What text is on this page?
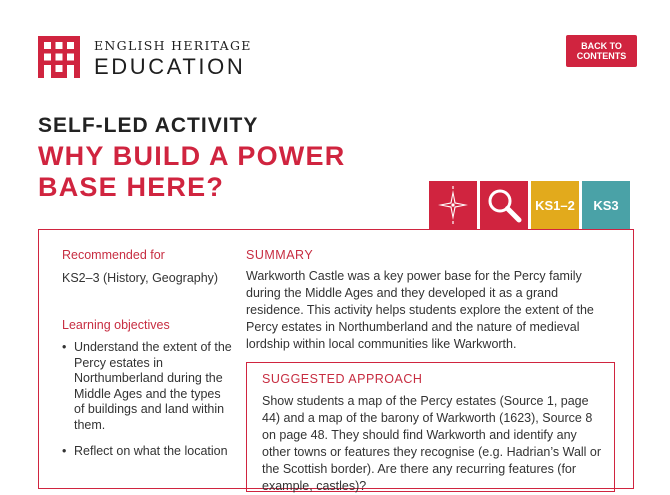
ENGLISH HERITAGE
EDUCATION
BACK TO
CONTENTS
SELF-LED ACTIVITY
WHY BUILD A POWER BASE HERE?
KS1–2	KS3
Recommended for
KS2–3 (History, Geography)
Learning objectives
• Understand the extent of the Percy estates in Northumberland during the Middle Ages and the types of buildings and land within them.
• Reflect on what the location
SUMMARY

Warkworth Castle was a key power base for the Percy family during the Middle Ages and they developed it as a grand residence. This activity helps students explore the extent of the Percy estates in Northumberland and the nature of medieval lordship within local communities like Warkworth.

SUGGESTED APPROACH

Show students a map of the Percy estates (Source 1, page 44) and a map of the barony of Warkworth (1623), Source 8 on page 48. They should find Warkworth and identify any other towns or features they recognise (e.g. Hadrian’s Wall or the Scottish border). Are there any recurring features (for example, castles)?
